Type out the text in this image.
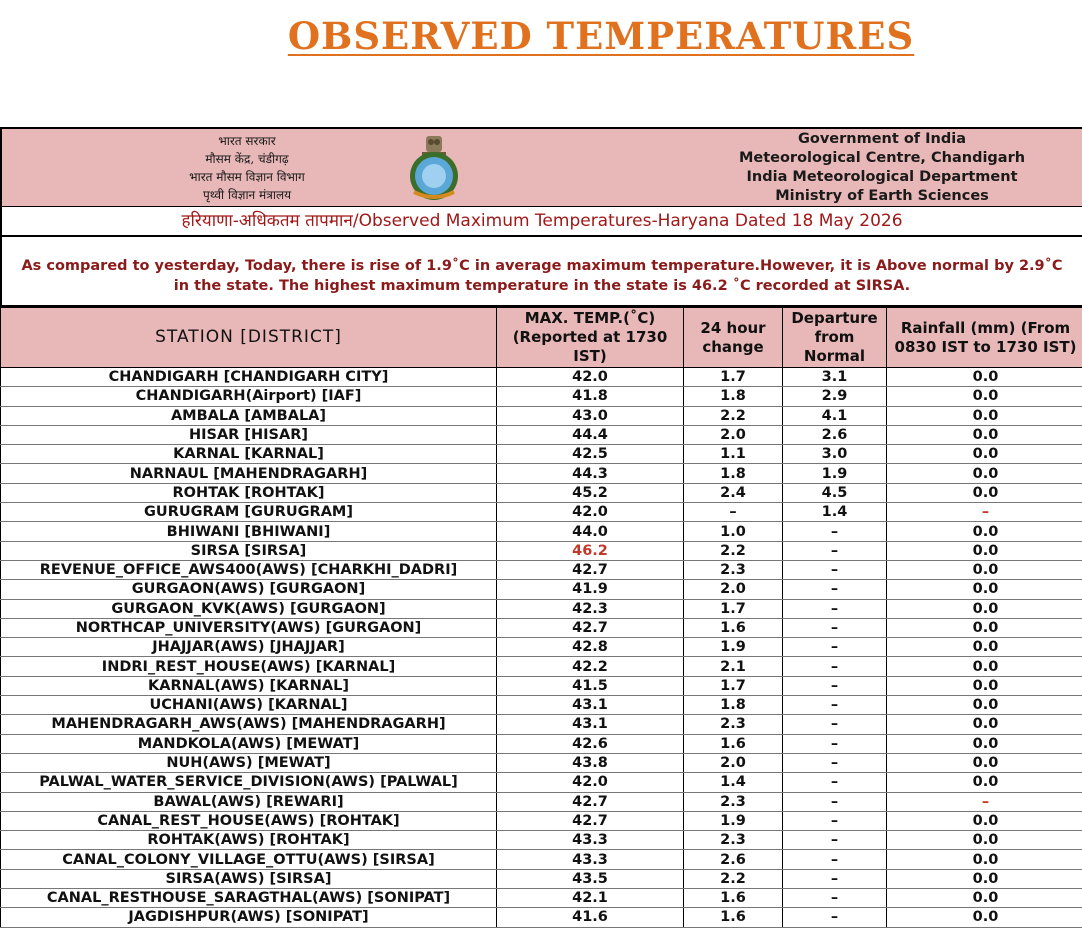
OBSERVED TEMPERATURES
भारत सरकार
मौसम केंद्र, चंडीगढ़
भारत मौसम विज्ञान विभाग
पृथ्वी विज्ञान मंत्रालय
Government of India
Meteorological Centre, Chandigarh
India Meteorological Department
Ministry of Earth Sciences
हरियाणा-अधिकतम तापमान/Observed Maximum Temperatures-Haryana Dated 18 May 2026
As compared to yesterday, Today, there is rise of 1.9˚C in average maximum temperature.However, it is Above normal by 2.9˚C
in the state. The highest maximum temperature in the state is 46.2 ˚C recorded at SIRSA.
STATION [DISTRICT]	MAX. TEMP.(˚C) (Reported at 1730 IST)	24 hour change	Departure from Normal	Rainfall (mm) (From 0830 IST to 1730 IST)
CHANDIGARH [CHANDIGARH CITY]	42.0	1.7	3.1	0.0
CHANDIGARH(Airport) [IAF]	41.8	1.8	2.9	0.0
AMBALA [AMBALA]	43.0	2.2	4.1	0.0
HISAR [HISAR]	44.4	2.0	2.6	0.0
KARNAL [KARNAL]	42.5	1.1	3.0	0.0
NARNAUL [MAHENDRAGARH]	44.3	1.8	1.9	0.0
ROHTAK [ROHTAK]	45.2	2.4	4.5	0.0
GURUGRAM [GURUGRAM]	42.0	–	1.4	–
BHIWANI [BHIWANI]	44.0	1.0	–	0.0
SIRSA [SIRSA]	46.2	2.2	–	0.0
REVENUE_OFFICE_AWS400(AWS) [CHARKHI_DADRI]	42.7	2.3	–	0.0
GURGAON(AWS) [GURGAON]	41.9	2.0	–	0.0
GURGAON_KVK(AWS) [GURGAON]	42.3	1.7	–	0.0
NORTHCAP_UNIVERSITY(AWS) [GURGAON]	42.7	1.6	–	0.0
JHAJJAR(AWS) [JHAJJAR]	42.8	1.9	–	0.0
INDRI_REST_HOUSE(AWS) [KARNAL]	42.2	2.1	–	0.0
KARNAL(AWS) [KARNAL]	41.5	1.7	–	0.0
UCHANI(AWS) [KARNAL]	43.1	1.8	–	0.0
MAHENDRAGARH_AWS(AWS) [MAHENDRAGARH]	43.1	2.3	–	0.0
MANDKOLA(AWS) [MEWAT]	42.6	1.6	–	0.0
NUH(AWS) [MEWAT]	43.8	2.0	–	0.0
PALWAL_WATER_SERVICE_DIVISION(AWS) [PALWAL]	42.0	1.4	–	0.0
BAWAL(AWS) [REWARI]	42.7	2.3	–	–
CANAL_REST_HOUSE(AWS) [ROHTAK]	42.7	1.9	–	0.0
ROHTAK(AWS) [ROHTAK]	43.3	2.3	–	0.0
CANAL_COLONY_VILLAGE_OTTU(AWS) [SIRSA]	43.3	2.6	–	0.0
SIRSA(AWS) [SIRSA]	43.5	2.2	–	0.0
CANAL_RESTHOUSE_SARAGTHAL(AWS) [SONIPAT]	42.1	1.6	–	0.0
JAGDISHPUR(AWS) [SONIPAT]	41.6	1.6	–	0.0
